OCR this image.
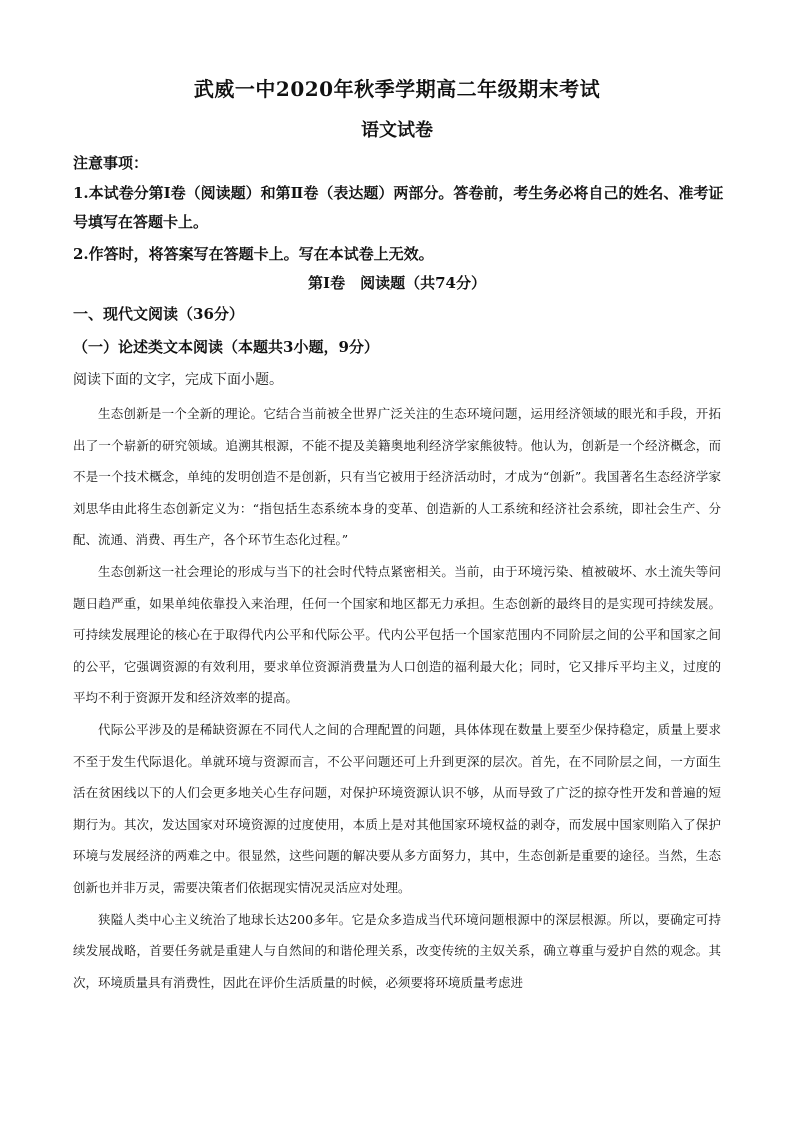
武威一中2020年秋季学期高二年级期末考试
语文试卷
注意事项：
1.本试卷分第Ⅰ卷（阅读题）和第Ⅱ卷（表达题）两部分。答卷前，考生务必将自己的姓名、准考证号填写在答题卡上。
2.作答时，将答案写在答题卡上。写在本试卷上无效。
第Ⅰ卷　阅读题（共74分）
一、现代文阅读（36分）
（一）论述类文本阅读（本题共3小题，9分）
阅读下面的文字，完成下面小题。

生态创新是一个全新的理论。它结合当前被全世界广泛关注的生态环境问题，运用经济领域的眼光和手段，开拓出了一个崭新的研究领域。追溯其根源，不能不提及美籍奥地利经济学家熊彼特。他认为，创新是一个经济概念，而不是一个技术概念，单纯的发明创造不是创新，只有当它被用于经济活动时，才成为“创新”。我国著名生态经济学家刘思华由此将生态创新定义为：“指包括生态系统本身的变革、创造新的人工系统和经济社会系统，即社会生产、分配、流通、消费、再生产，各个环节生态化过程。”

生态创新这一社会理论的形成与当下的社会时代特点紧密相关。当前，由于环境污染、植被破坏、水土流失等问题日趋严重，如果单纯依靠投入来治理，任何一个国家和地区都无力承担。生态创新的最终目的是实现可持续发展。可持续发展理论的核心在于取得代内公平和代际公平。代内公平包括一个国家范围内不同阶层之间的公平和国家之间的公平，它强调资源的有效利用，要求单位资源消费量为人口创造的福利最大化；同时，它又排斥平均主义，过度的平均不利于资源开发和经济效率的提高。

代际公平涉及的是稀缺资源在不同代人之间的合理配置的问题，具体体现在数量上要至少保持稳定，质量上要求不至于发生代际退化。单就环境与资源而言，不公平问题还可上升到更深的层次。首先，在不同阶层之间，一方面生活在贫困线以下的人们会更多地关心生存问题，对保护环境资源认识不够，从而导致了广泛的掠夺性开发和普遍的短期行为。其次，发达国家对环境资源的过度使用，本质上是对其他国家环境权益的剥夺，而发展中国家则陷入了保护环境与发展经济的两难之中。很显然，这些问题的解决要从多方面努力，其中，生态创新是重要的途径。当然，生态创新也并非万灵，需要决策者们依据现实情况灵活应对处理。

狭隘人类中心主义统治了地球长达200多年。它是众多造成当代环境问题根源中的深层根源。所以，要确定可持续发展战略，首要任务就是重建人与自然间的和谐伦理关系，改变传统的主奴关系，确立尊重与爱护自然的观念。其次，环境质量具有消费性，因此在评价生活质量的时候，必须要将环境质量考虑进
